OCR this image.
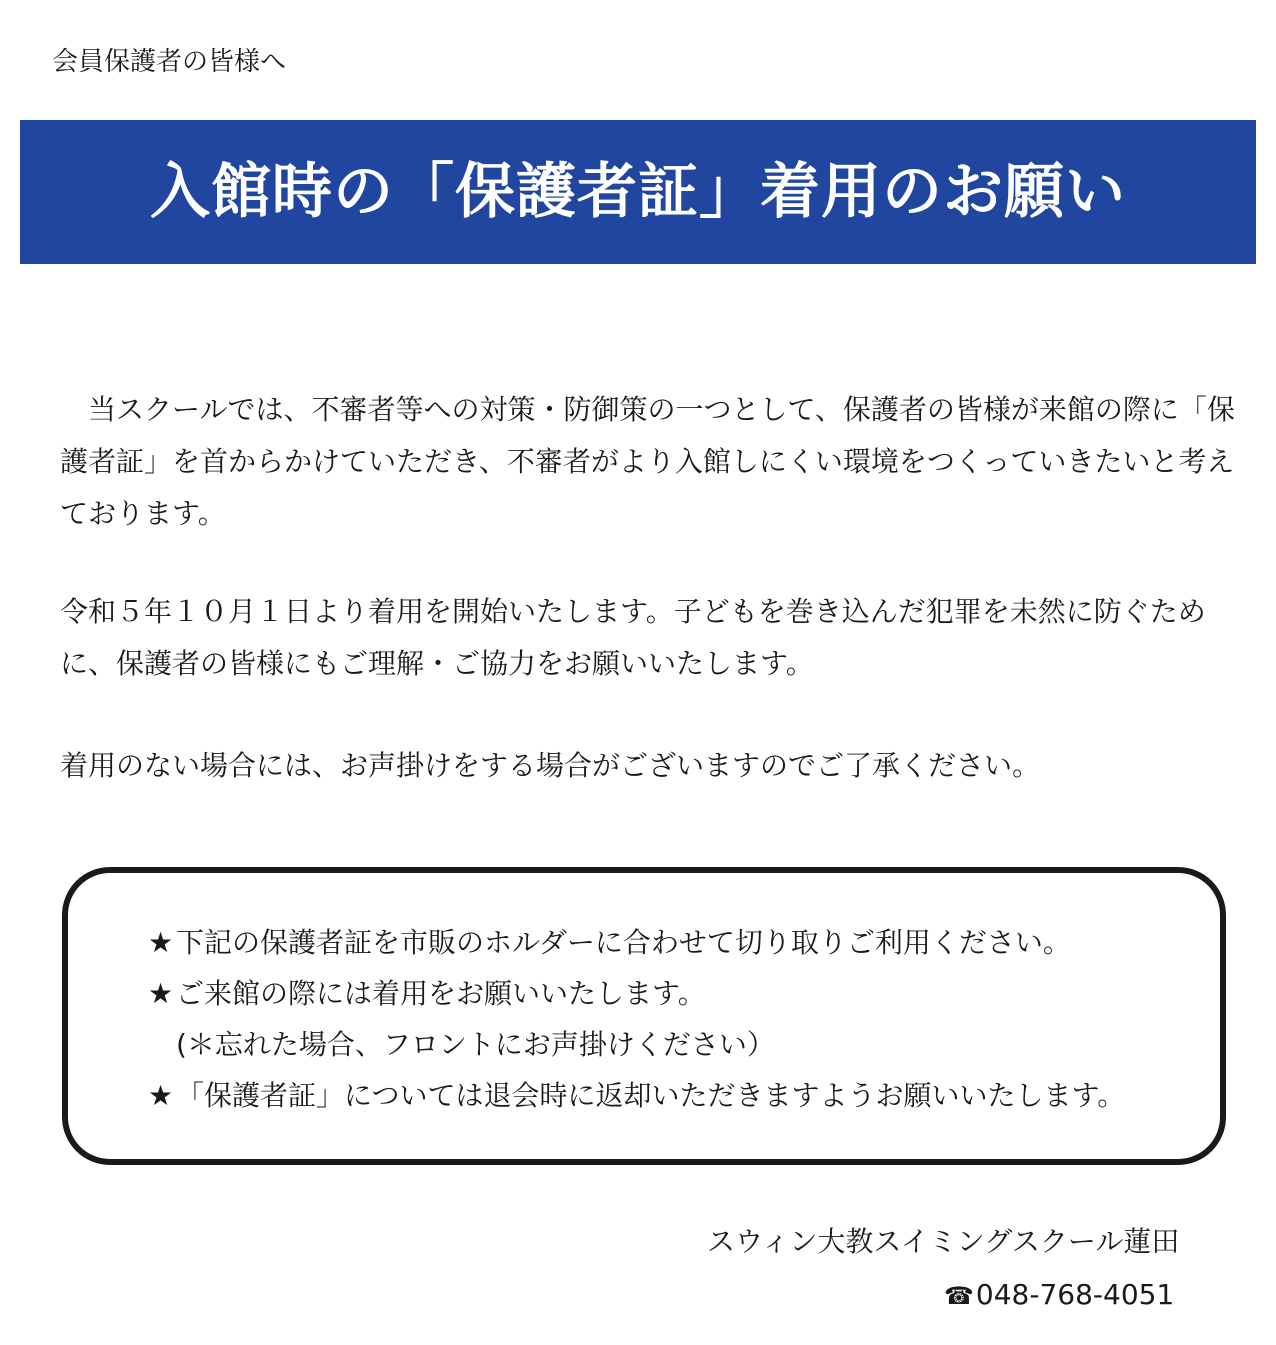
会員保護者の皆様へ

入館時の「保護者証」着用のお願い

　当スクールでは、不審者等への対策・防御策の一つとして、保護者の皆様が来館の際に「保護者証」を首からかけていただき、不審者がより入館しにくい環境をつくっていきたいと考えております。

令和５年１０月１日より着用を開始いたします。子どもを巻き込んだ犯罪を未然に防ぐために、保護者の皆様にもご理解・ご協力をお願いいたします。

着用のない場合には、お声掛けをする場合がございますのでご了承ください。

★ 下記の保護者証を市販のホルダーに合わせて切り取りご利用ください。
★ ご来館の際には着用をお願いいたします。
(＊忘れた場合、フロントにお声掛けください）
★ 「保護者証」については退会時に返却いただきますようお願いいたします。

スウィン大教スイミングスクール蓮田

☎048-768-4051
